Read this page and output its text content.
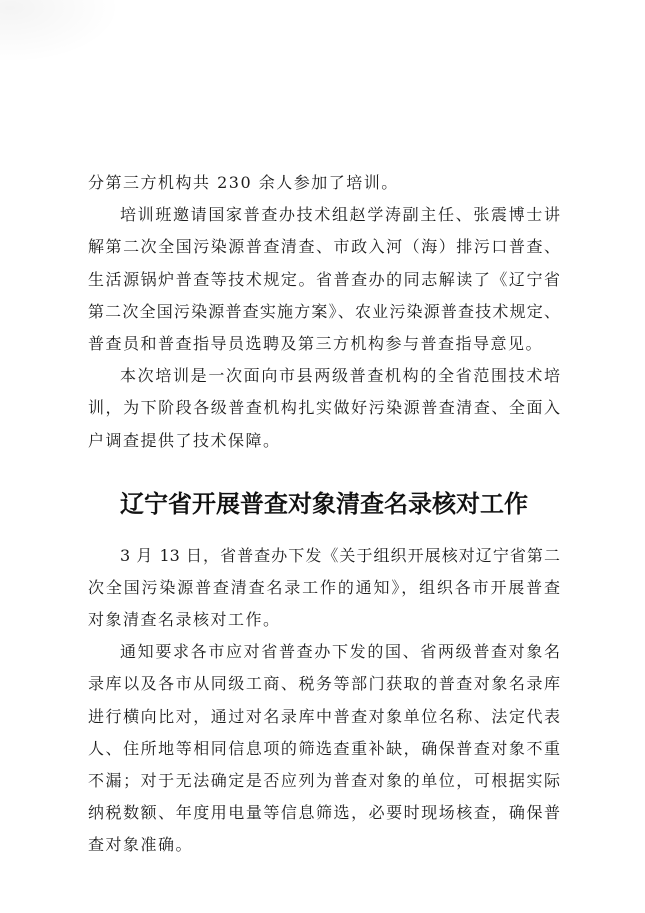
分第三方机构共 230 余人参加了培训。
培训班邀请国家普查办技术组赵学涛副主任、张震博士讲
解第二次全国污染源普查清查、市政入河（海）排污口普查、
生活源锅炉普查等技术规定。省普查办的同志解读了《辽宁省
第二次全国污染源普查实施方案》、农业污染源普查技术规定、
普查员和普查指导员选聘及第三方机构参与普查指导意见。
本次培训是一次面向市县两级普查机构的全省范围技术培
训，为下阶段各级普查机构扎实做好污染源普查清查、全面入
户调查提供了技术保障。
辽宁省开展普查对象清查名录核对工作
3 月 13 日，省普查办下发《关于组织开展核对辽宁省第二
次全国污染源普查清查名录工作的通知》，组织各市开展普查
对象清查名录核对工作。
通知要求各市应对省普查办下发的国、省两级普查对象名
录库以及各市从同级工商、税务等部门获取的普查对象名录库
进行横向比对，通过对名录库中普查对象单位名称、法定代表
人、住所地等相同信息项的筛选查重补缺，确保普查对象不重
不漏；对于无法确定是否应列为普查对象的单位，可根据实际
纳税数额、年度用电量等信息筛选，必要时现场核查，确保普
查对象准确。
